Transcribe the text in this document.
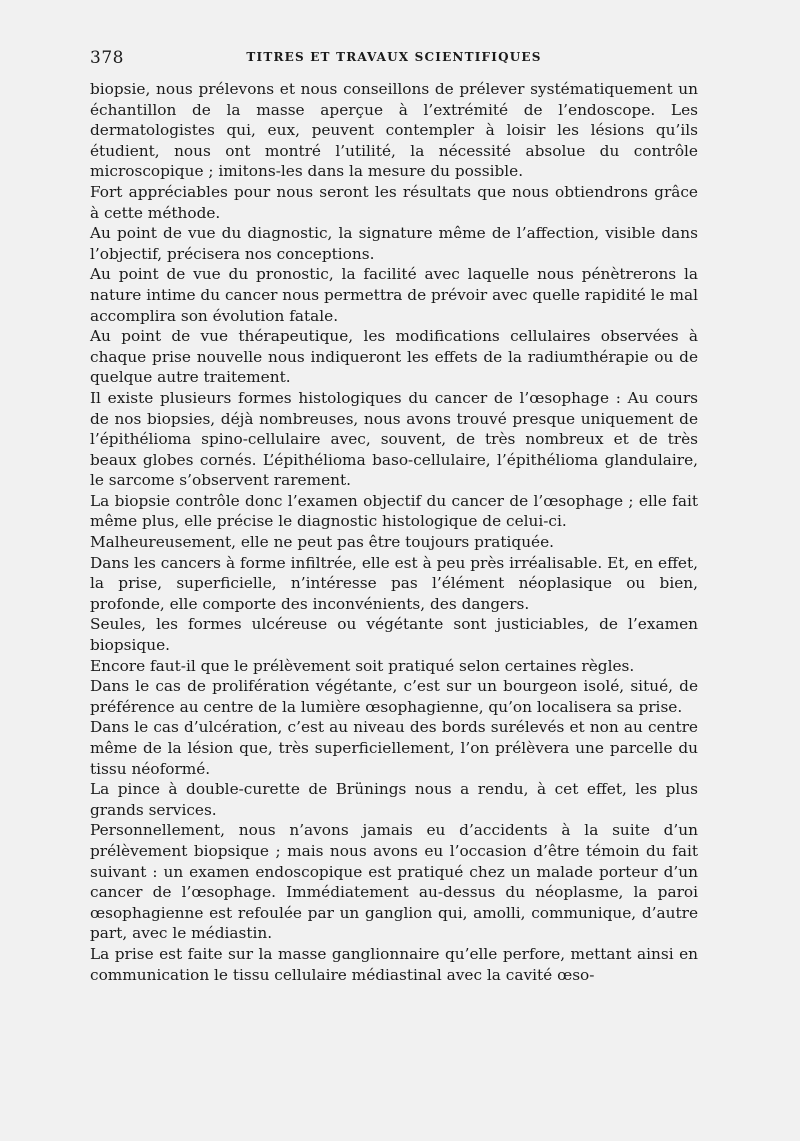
378	TITRES ET TRAVAUX SCIENTIFIQUES

biopsie, nous prélevons et nous conseillons de prélever systématiquement un échantillon de la masse aperçue à l’extrémité de l’endoscope. Les dermatologistes qui, eux, peuvent contempler à loisir les lésions qu’ils étudient, nous ont montré l’utilité, la nécessité absolue du contrôle microscopique ; imitons-les dans la mesure du possible.

Fort appréciables pour nous seront les résultats que nous obtiendrons grâce à cette méthode.

Au point de vue du diagnostic, la signature même de l’affection, visible dans l’objectif, précisera nos conceptions.

Au point de vue du pronostic, la facilité avec laquelle nous pénètrerons la nature intime du cancer nous permettra de prévoir avec quelle rapidité le mal accomplira son évolution fatale.

Au point de vue thérapeutique, les modifications cellulaires observées à chaque prise nouvelle nous indiqueront les effets de la radiumthérapie ou de quelque autre traitement.

Il existe plusieurs formes histologiques du cancer de l’œsophage : Au cours de nos biopsies, déjà nombreuses, nous avons trouvé presque uniquement de l’épithélioma spino-cellulaire avec, souvent, de très nombreux et de très beaux globes cornés. L’épithélioma baso-cellulaire, l’épithélioma glandulaire, le sarcome s’observent rarement.

La biopsie contrôle donc l’examen objectif du cancer de l’œsophage ; elle fait même plus, elle précise le diagnostic histologique de celui-ci.

Malheureusement, elle ne peut pas être toujours pratiquée.

Dans les cancers à forme infiltrée, elle est à peu près irréalisable. Et, en effet, la prise, superficielle, n’intéresse pas l’élément néoplasique ou bien, profonde, elle comporte des inconvénients, des dangers.

Seules, les formes ulcéreuse ou végétante sont justiciables, de l’examen biopsique.

Encore faut-il que le prélèvement soit pratiqué selon certaines règles.

Dans le cas de prolifération végétante, c’est sur un bourgeon isolé, situé, de préférence au centre de la lumière œsophagienne, qu’on localisera sa prise.

Dans le cas d’ulcération, c’est au niveau des bords surélevés et non au centre même de la lésion que, très superficiellement, l’on prélèvera une parcelle du tissu néoformé.

La pince à double-curette de Brünings nous a rendu, à cet effet, les plus grands services.

Personnellement, nous n’avons jamais eu d’accidents à la suite d’un prélèvement biopsique ; mais nous avons eu l’occasion d’être témoin du fait suivant : un examen endoscopique est pratiqué chez un malade porteur d’un cancer de l’œsophage. Immédiatement au-dessus du néoplasme, la paroi œsophagienne est refoulée par un ganglion qui, amolli, communique, d’autre part, avec le médiastin.

La prise est faite sur la masse ganglionnaire qu’elle perfore, mettant ainsi en communication le tissu cellulaire médiastinal avec la cavité œso-
